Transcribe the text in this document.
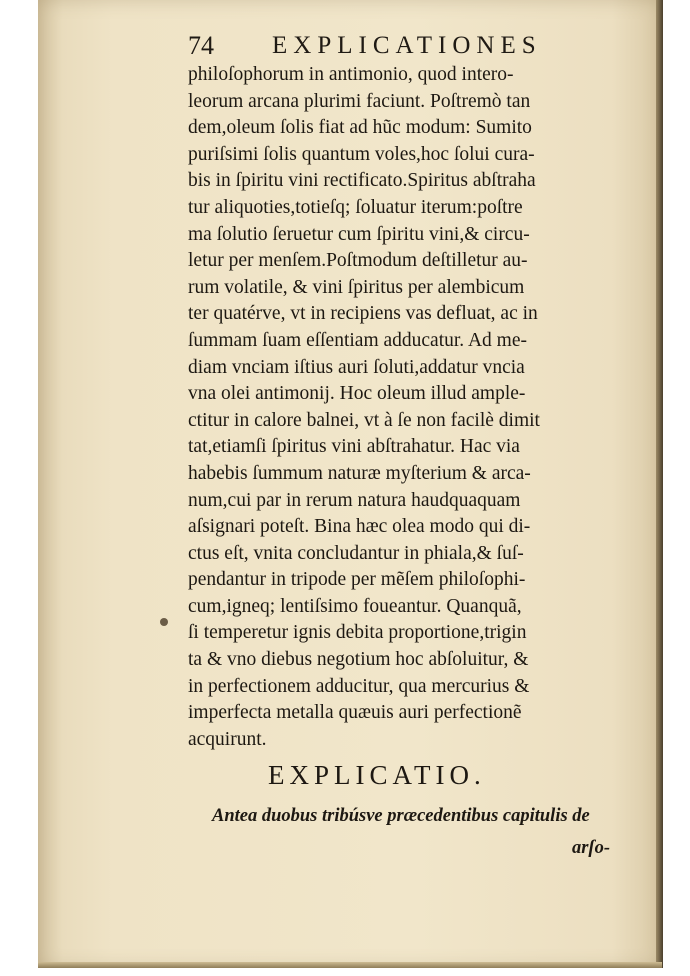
74 EXPLICATIONES
philoſophorum in antimonio, quod intero-
leorum arcana plurimi faciunt. Poſtremò tan
dem,oleum ſolis fiat ad hũc modum: Sumito
puriſsimi ſolis quantum voles,hoc ſolui cura-
bis in ſpiritu vini rectificato.Spiritus abſtraha
tur aliquoties,totieſq; ſoluatur iterum:poſtre
ma ſolutio ſeruetur cum ſpiritu vini,& circu-
letur per menſem.Poſtmodum deſtilletur au-
rum volatile, & vini ſpiritus per alembicum
ter quatérve, vt in recipiens vas defluat, ac in
ſummam ſuam eſſentiam adducatur. Ad me-
diam vnciam iſtius auri ſoluti,addatur vncia
vna olei antimonij. Hoc oleum illud ample-
ctitur in calore balnei, vt à ſe non facilè dimit
tat,etiamſi ſpiritus vini abſtrahatur. Hac via
habebis ſummum naturæ myſterium & arca-
num,cui par in rerum natura haudquaquam
aſsignari poteſt. Bina hæc olea modo qui di-
ctus eſt, vnita concludantur in phiala,& ſuſ-
pendantur in tripode per mẽſem philoſophi-
cum,igneq; lentiſsimo foueantur. Quanquã,
ſi temperetur ignis debita proportione,trigin
ta & vno diebus negotium hoc abſoluitur, &
in perfectionem adducitur, qua mercurius &
imperfecta metalla quæuis auri perfectionẽ
acquirunt.
EXPLICATIO.
Antea duobus tribúsve præcedentibus capitulis de
arſo-
